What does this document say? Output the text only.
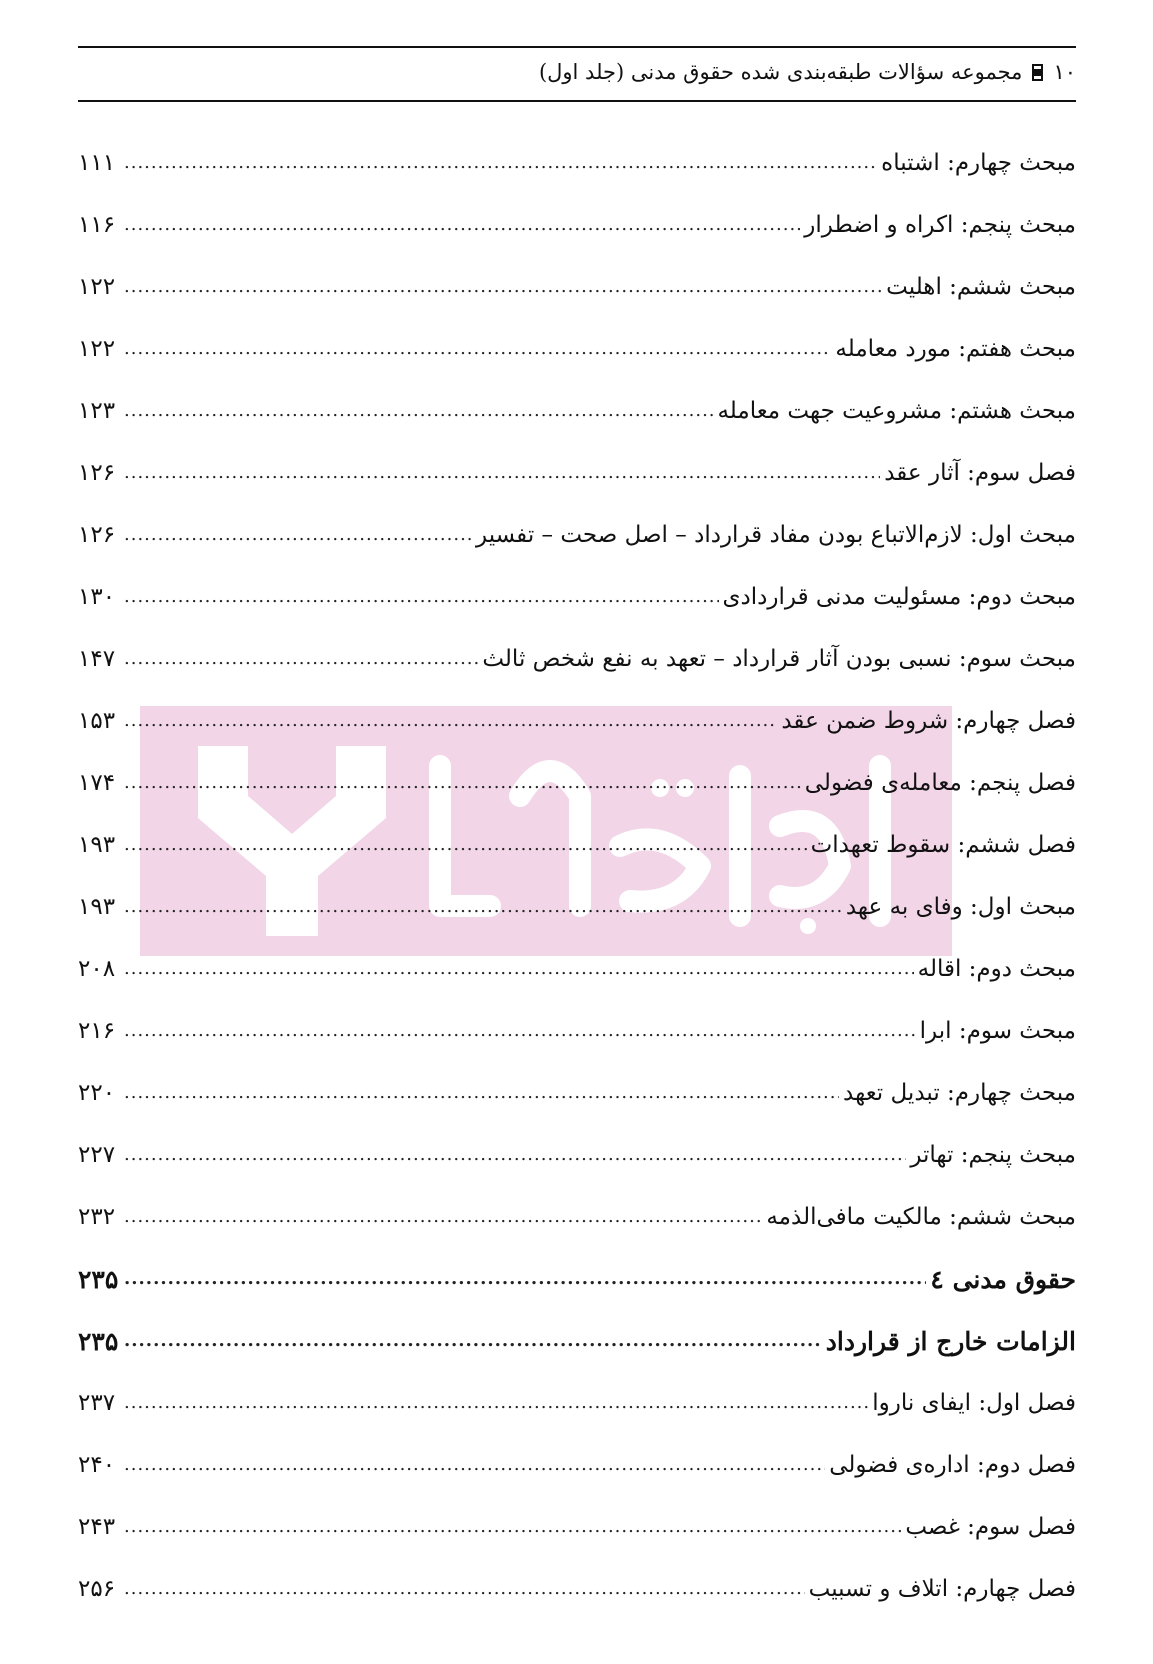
١٠
مجموعه سؤالات طبقه‌بندی شده حقوق مدنی (جلد اول)
مبحث چهارم: اشتباه
.....
۱۱۱
مبحث پنجم: اکراه و اضطرار
.....
۱۱۶
مبحث ششم: اهلیت
.....
۱۲۲
مبحث هفتم: مورد معامله
.....
۱۲۲
مبحث هشتم: مشروعیت جهت معامله
.....
۱۲۳
فصل سوم: آثار عقد
.....
۱۲۶
مبحث اول: لازم‌الاتباع بودن مفاد قرارداد – اصل صحت – تفسیر
.....
۱۲۶
مبحث دوم: مسئولیت مدنی قراردادی
.....
۱۳۰
مبحث سوم: نسبی بودن آثار قرارداد – تعهد به نفع شخص ثالث
.....
۱۴۷
فصل چهارم: شروط ضمن عقد
.....
۱۵۳
فصل پنجم: معامله‌ی فضولی
.....
۱۷۴
فصل ششم: سقوط تعهدات
.....
۱۹۳
مبحث اول: وفای به عهد
.....
۱۹۳
مبحث دوم: اقاله
.....
۲۰۸
مبحث سوم: ابرا
.....
۲۱۶
مبحث چهارم: تبدیل تعهد
.....
۲۲۰
مبحث پنجم: تهاتر
.....
۲۲۷
مبحث ششم: مالکیت مافی‌الذمه
.....
۲۳۲
حقوق مدنی ٤
.....
۲۳۵
الزامات خارج از قرارداد
.....
۲۳۵
فصل اول: ایفای ناروا
.....
۲۳۷
فصل دوم: اداره‌ی فضولی
.....
۲۴۰
فصل سوم: غصب
.....
۲۴۳
فصل چهارم: اتلاف و تسبیب
.....
۲۵۶
